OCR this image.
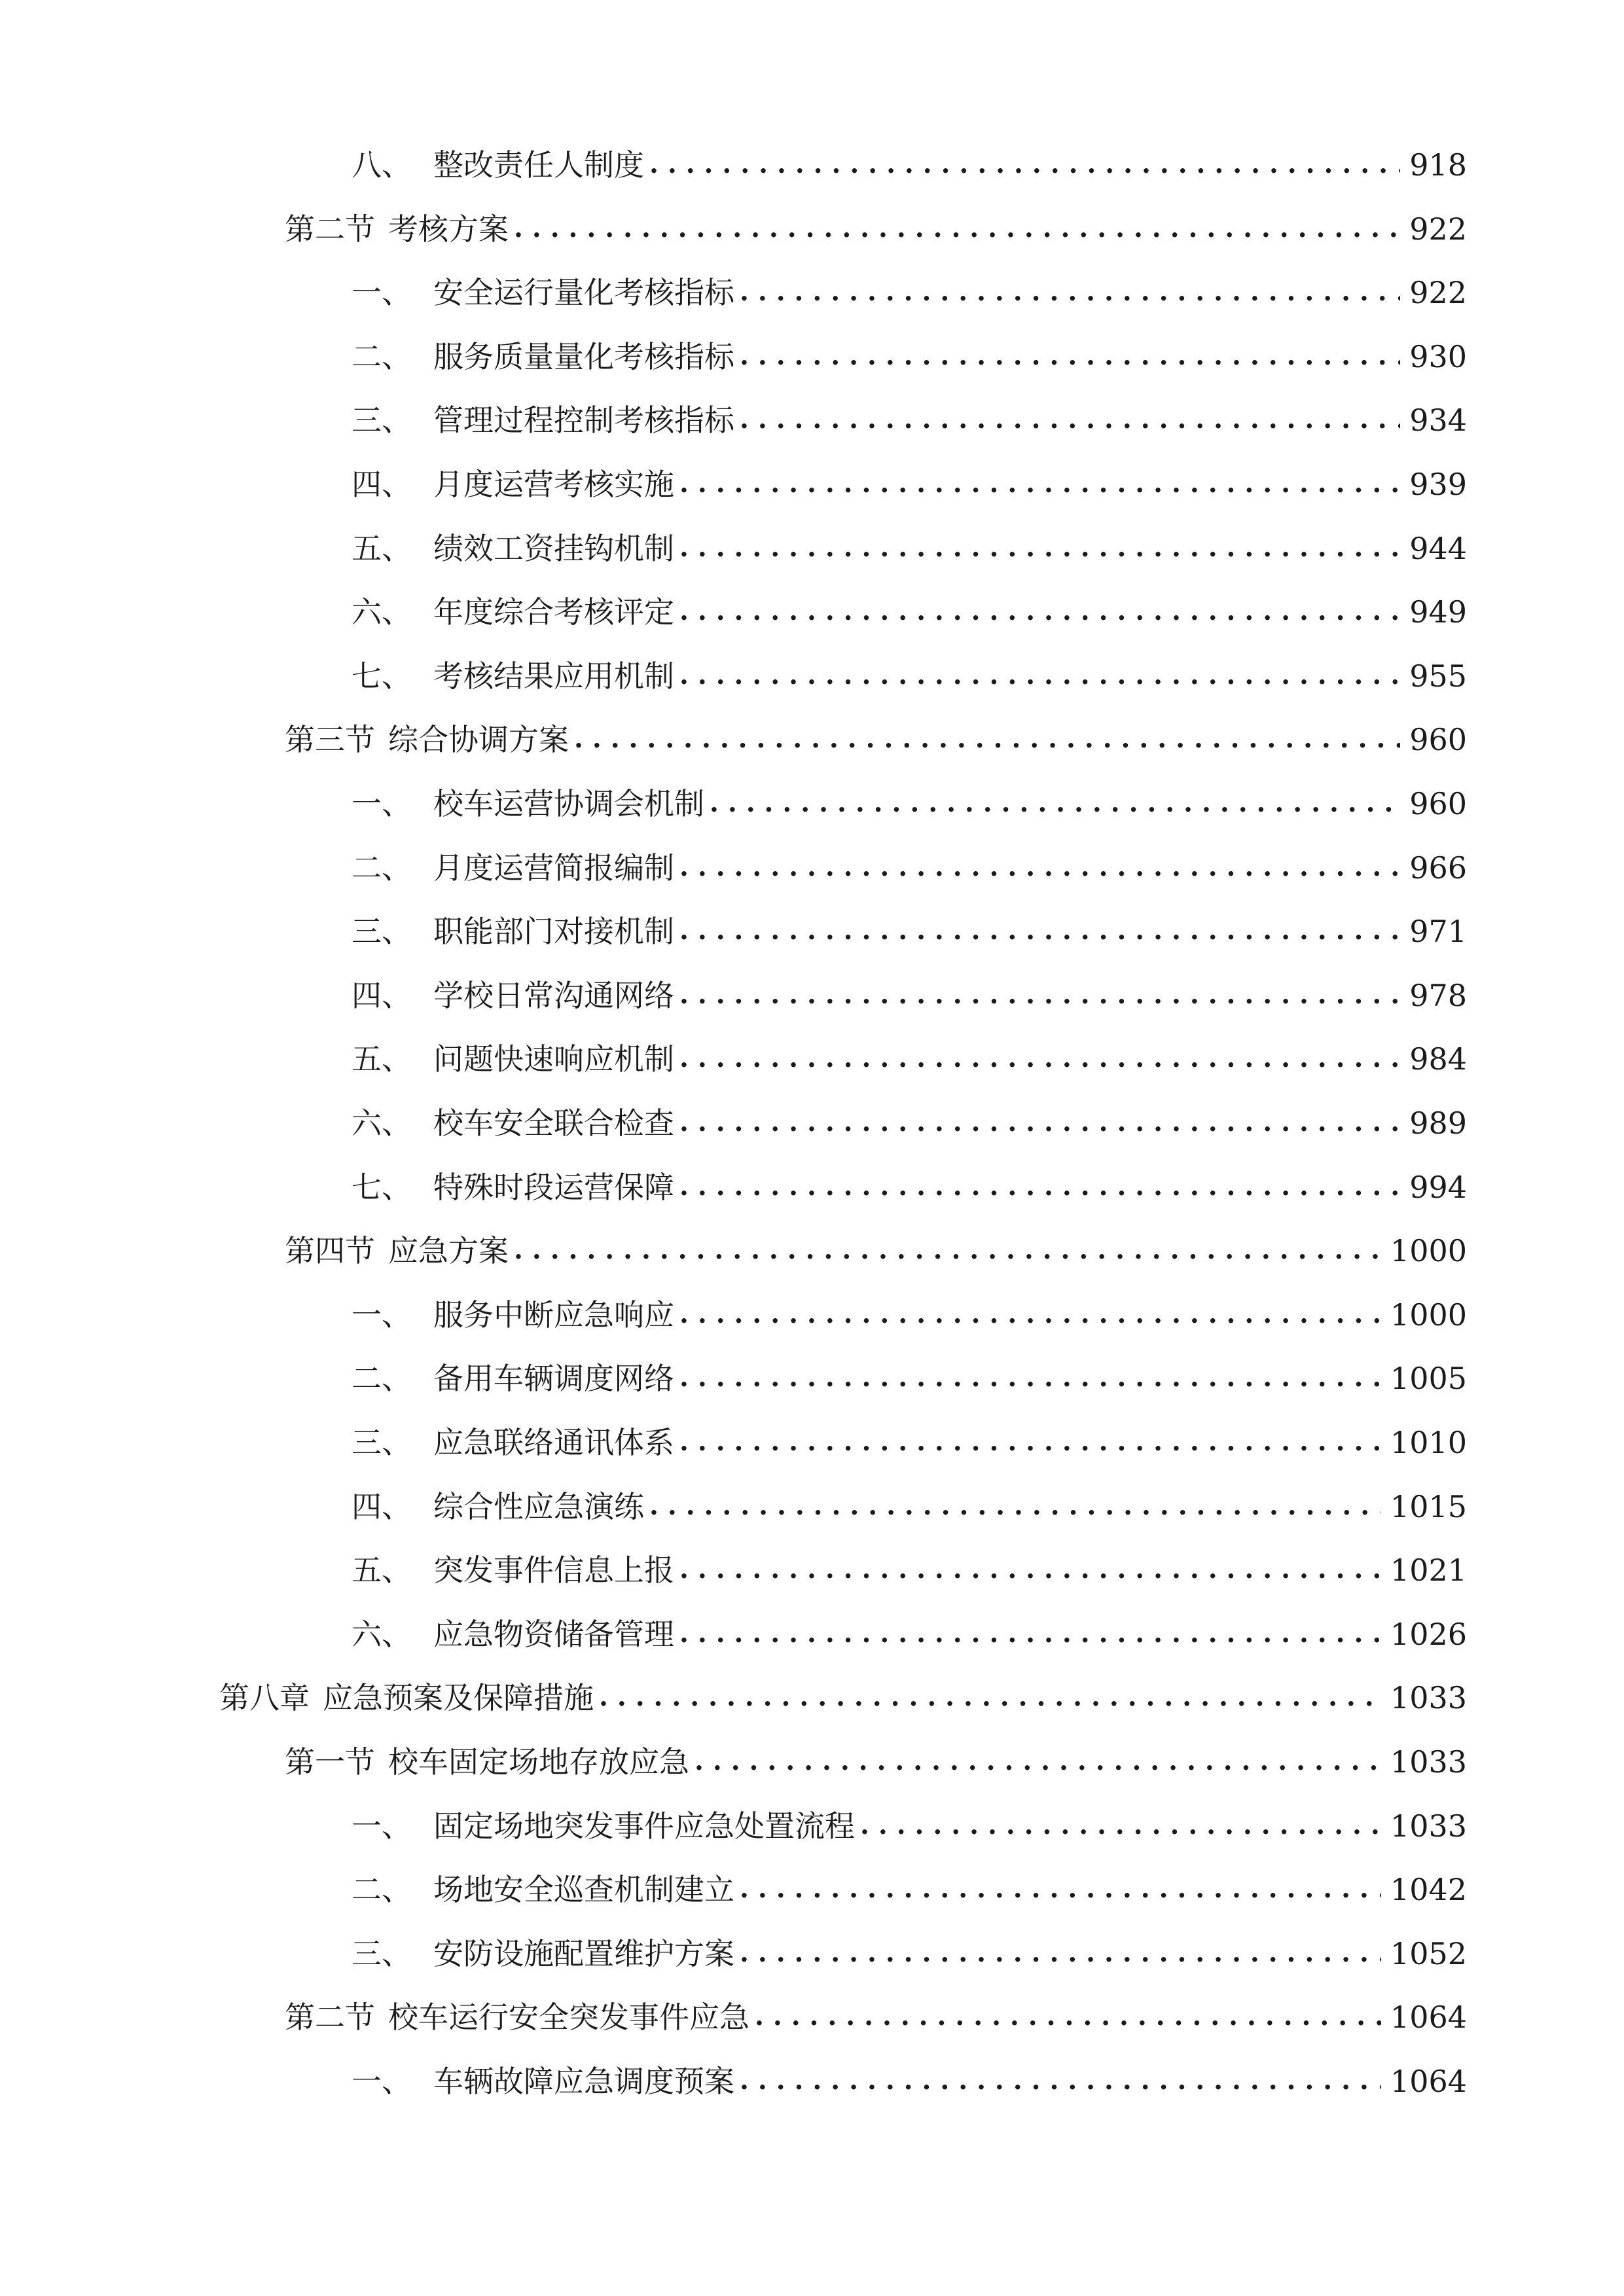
八、 整改责任人制度 . . .	918
第二节 考核方案 . . .	922
一、 安全运行量化考核指标 . . .	922
二、 服务质量量化考核指标 . . .	930
三、 管理过程控制考核指标 . . .	934
四、 月度运营考核实施 . . .	939
五、 绩效工资挂钩机制 . . .	944
六、 年度综合考核评定 . . .	949
七、 考核结果应用机制 . . .	955
第三节 综合协调方案 . . .	960
一、 校车运营协调会机制 . . .	960
二、 月度运营简报编制 . . .	966
三、 职能部门对接机制 . . .	971
四、 学校日常沟通网络 . . .	978
五、 问题快速响应机制 . . .	984
六、 校车安全联合检查 . . .	989
七、 特殊时段运营保障 . . .	994
第四节 应急方案 . . .	1000
一、 服务中断应急响应 . . .	1000
二、 备用车辆调度网络 . . .	1005
三、 应急联络通讯体系 . . .	1010
四、 综合性应急演练 . . .	1015
五、 突发事件信息上报 . . .	1021
六、 应急物资储备管理 . . .	1026
第八章 应急预案及保障措施 . . .	1033
第一节 校车固定场地存放应急 . . .	1033
一、 固定场地突发事件应急处置流程 . . .	1033
二、 场地安全巡查机制建立 . . .	1042
三、 安防设施配置维护方案 . . .	1052
第二节 校车运行安全突发事件应急 . . .	1064
一、 车辆故障应急调度预案 . . .	1064
